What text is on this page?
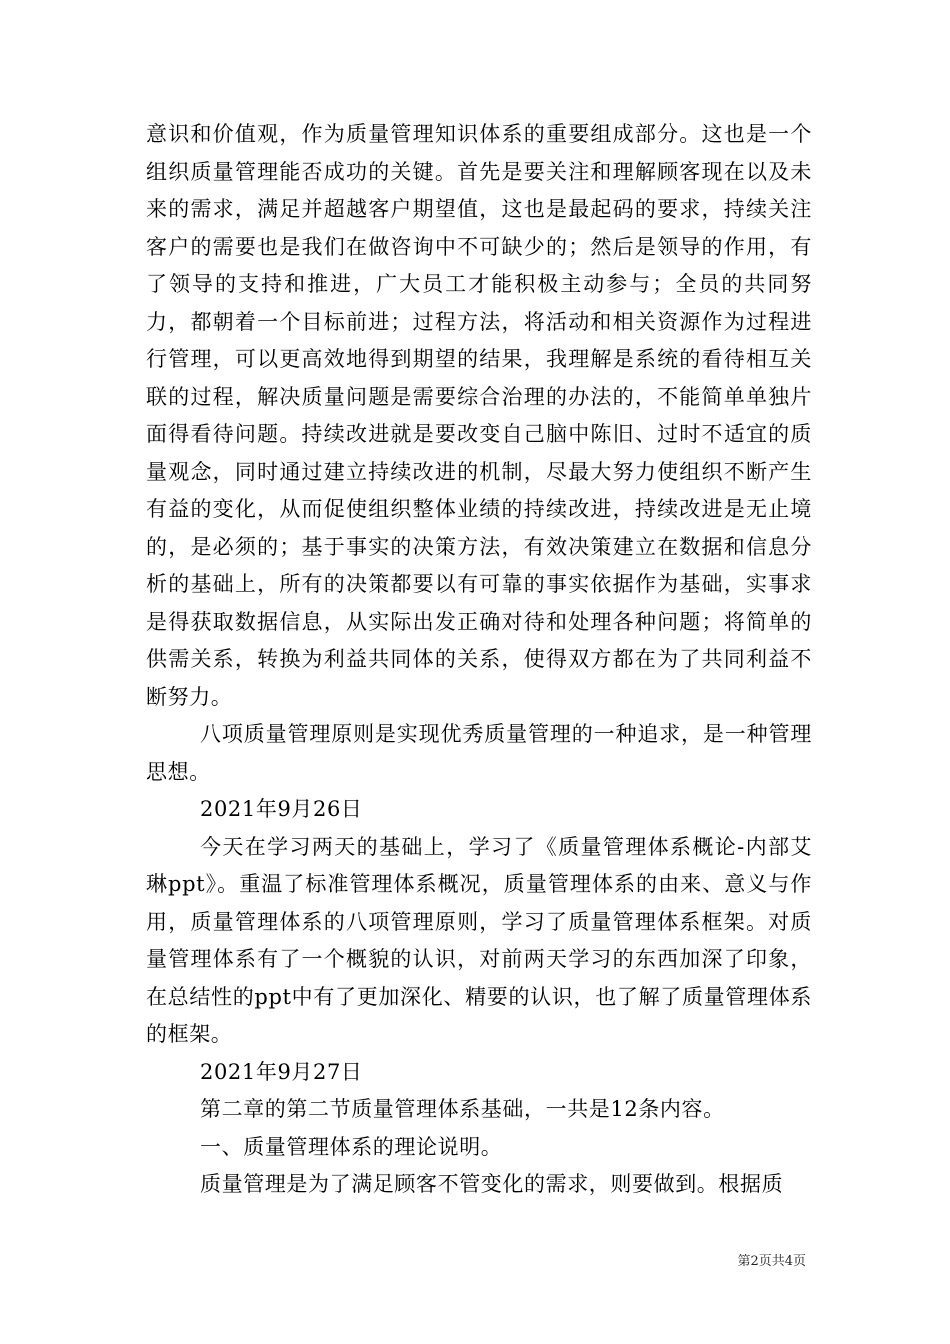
意识和价值观，作为质量管理知识体系的重要组成部分。这也是一个组织质量管理能否成功的关键。首先是要关注和理解顾客现在以及未来的需求，满足并超越客户期望值，这也是最起码的要求，持续关注客户的需要也是我们在做咨询中不可缺少的；然后是领导的作用，有了领导的支持和推进，广大员工才能积极主动参与；全员的共同努力，都朝着一个目标前进；过程方法，将活动和相关资源作为过程进行管理，可以更高效地得到期望的结果，我理解是系统的看待相互关联的过程，解决质量问题是需要综合治理的办法的，不能简单单独片面得看待问题。持续改进就是要改变自己脑中陈旧、过时不适宜的质量观念，同时通过建立持续改进的机制，尽最大努力使组织不断产生有益的变化，从而促使组织整体业绩的持续改进，持续改进是无止境的，是必须的；基于事实的决策方法，有效决策建立在数据和信息分析的基础上，所有的决策都要以有可靠的事实依据作为基础，实事求是得获取数据信息，从实际出发正确对待和处理各种问题；将简单的供需关系，转换为利益共同体的关系，使得双方都在为了共同利益不断努力。

八项质量管理原则是实现优秀质量管理的一种追求，是一种管理思想。

2021年9月26日

今天在学习两天的基础上，学习了《质量管理体系概论-内部艾琳ppt》。重温了标准管理体系概况，质量管理体系的由来、意义与作用，质量管理体系的八项管理原则，学习了质量管理体系框架。对质量管理体系有了一个概貌的认识，对前两天学习的东西加深了印象，在总结性的ppt中有了更加深化、精要的认识，也了解了质量管理体系的框架。

2021年9月27日

第二章的第二节质量管理体系基础，一共是12条内容。

一、质量管理体系的理论说明。

质量管理是为了满足顾客不管变化的需求，则要做到。根据质

第2页共4页
